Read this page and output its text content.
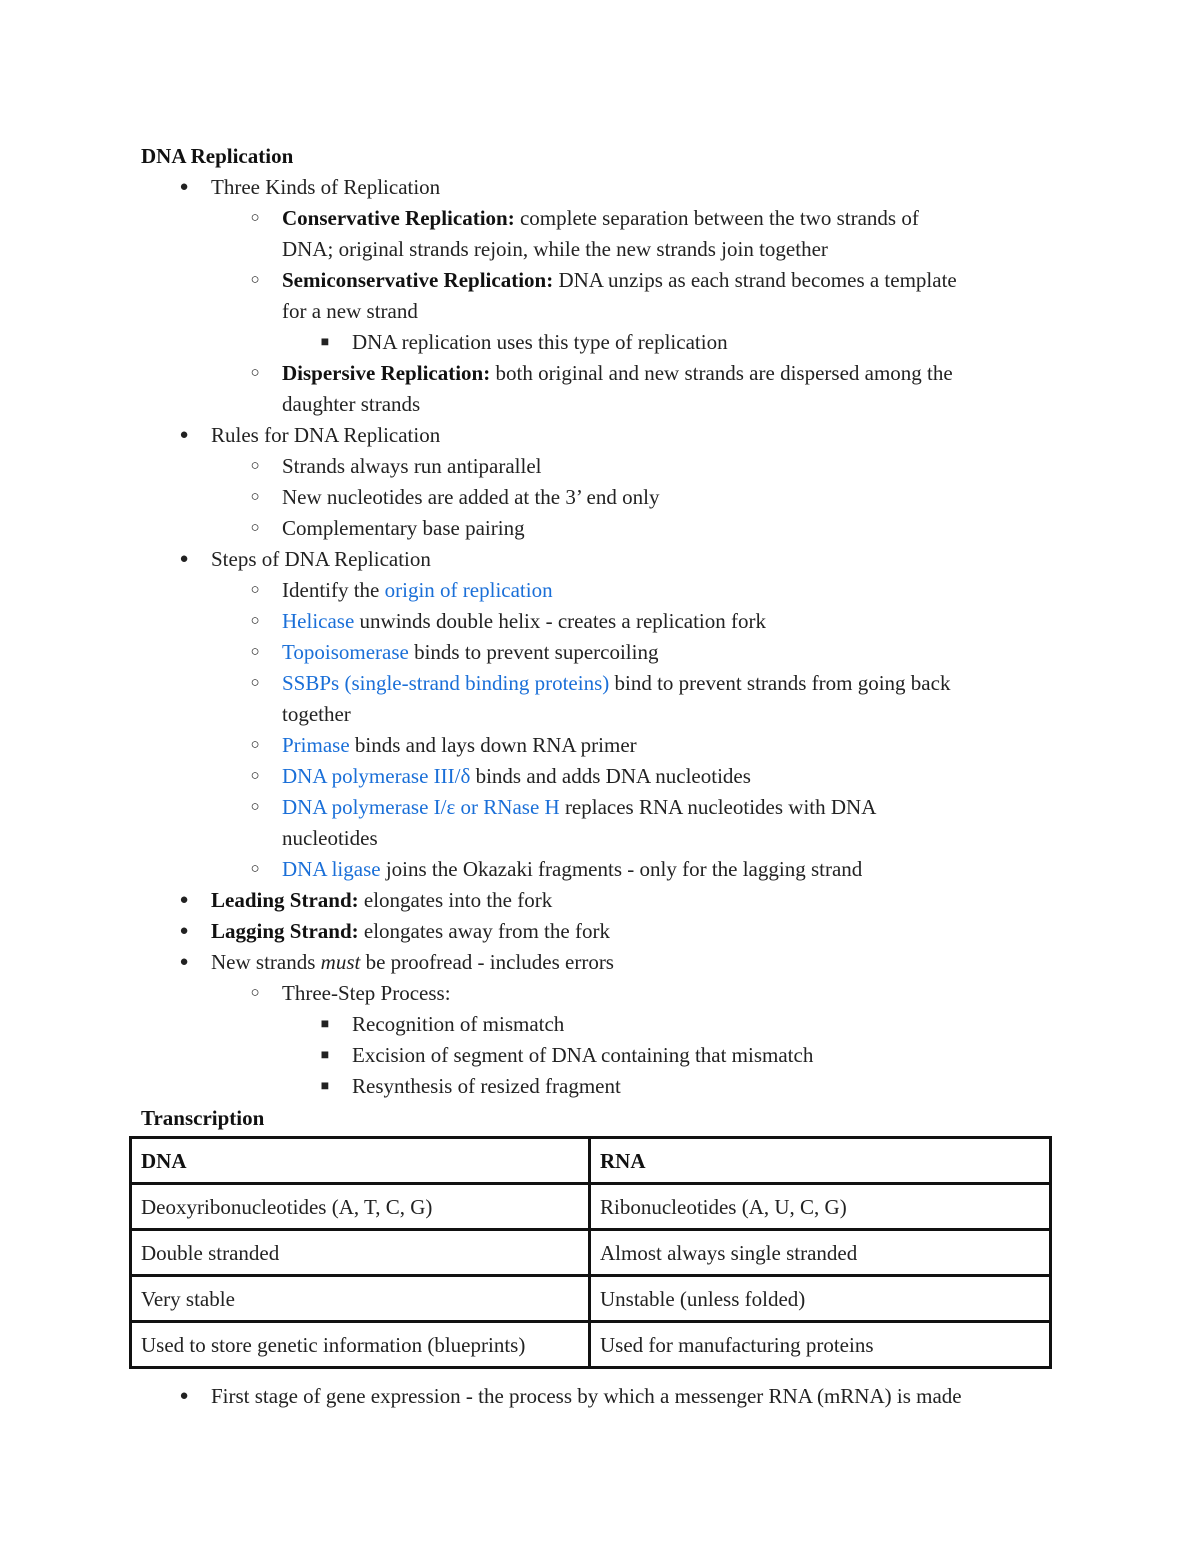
DNA Replication
● Three Kinds of Replication
○ Conservative Replication: complete separation between the two strands of
DNA; original strands rejoin, while the new strands join together
○ Semiconservative Replication: DNA unzips as each strand becomes a template
for a new strand
■ DNA replication uses this type of replication
○ Dispersive Replication: both original and new strands are dispersed among the
daughter strands
● Rules for DNA Replication
○ Strands always run antiparallel
○ New nucleotides are added at the 3’ end only
○ Complementary base pairing
● Steps of DNA Replication
○ Identify the origin of replication
○ Helicase unwinds double helix - creates a replication fork
○ Topoisomerase binds to prevent supercoiling
○ SSBPs (single-strand binding proteins) bind to prevent strands from going back
together
○ Primase binds and lays down RNA primer
○ DNA polymerase III/δ binds and adds DNA nucleotides
○ DNA polymerase I/ε or RNase H replaces RNA nucleotides with DNA
nucleotides
○ DNA ligase joins the Okazaki fragments - only for the lagging strand
● Leading Strand: elongates into the fork
● Lagging Strand: elongates away from the fork
● New strands must be proofread - includes errors
○ Three-Step Process:
■ Recognition of mismatch
■ Excision of segment of DNA containing that mismatch
■ Resynthesis of resized fragment
Transcription
DNA	RNA
Deoxyribonucleotides (A, T, C, G)	Ribonucleotides (A, U, C, G)
Double stranded	Almost always single stranded
Very stable	Unstable (unless folded)
Used to store genetic information (blueprints)	Used for manufacturing proteins
● First stage of gene expression - the process by which a messenger RNA (mRNA) is made
